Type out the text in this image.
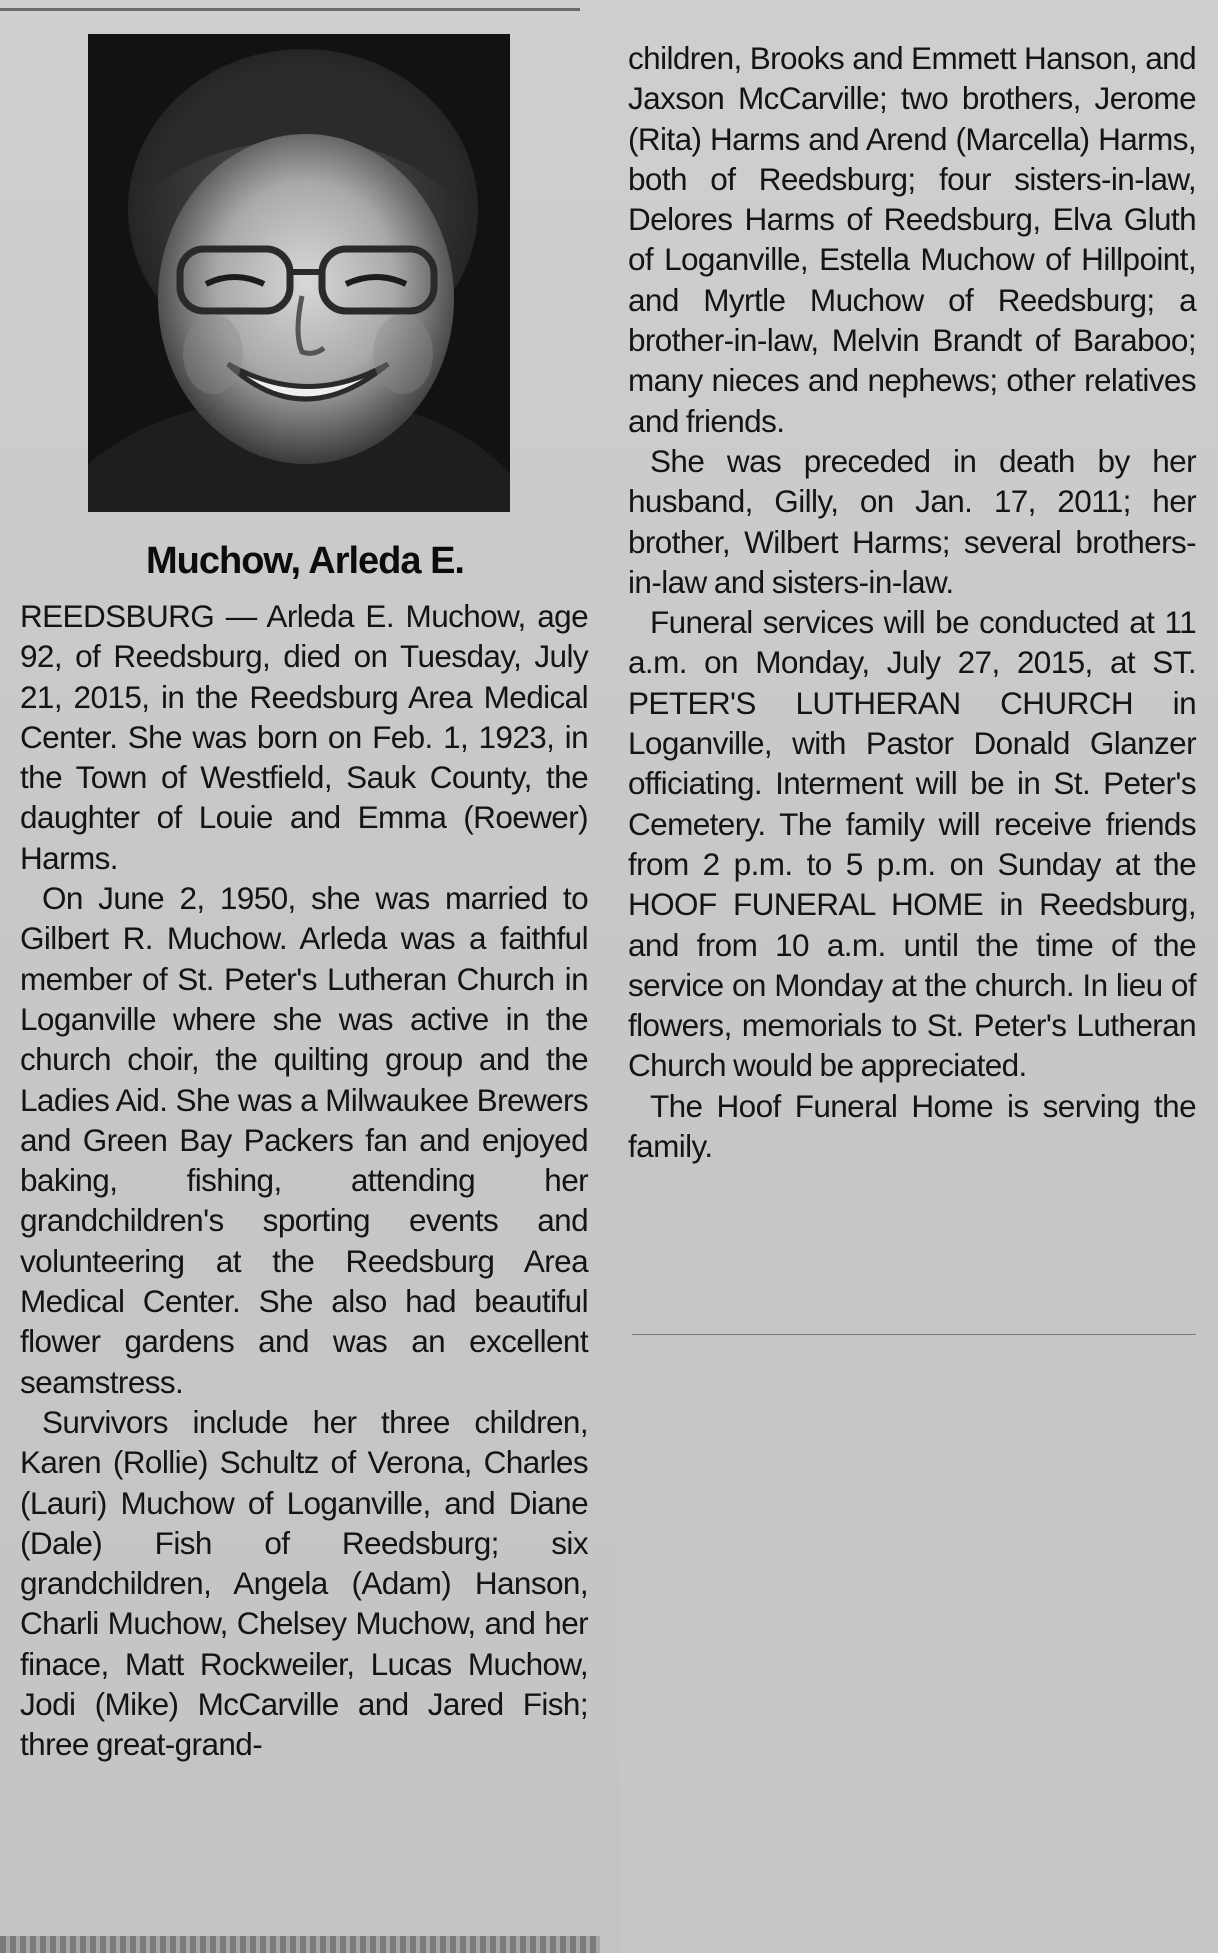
Muchow, Arleda E.

REEDSBURG — Arleda E. Muchow, age 92, of Reedsburg, died on Tuesday, July 21, 2015, in the Reedsburg Area Medical Center. She was born on Feb. 1, 1923, in the Town of Westfield, Sauk County, the daughter of Louie and Emma (Roewer) Harms.

On June 2, 1950, she was married to Gilbert R. Muchow. Arleda was a faithful member of St. Peter's Lutheran Church in Loganville where she was active in the church choir, the quilting group and the Ladies Aid. She was a Milwaukee Brewers and Green Bay Packers fan and enjoyed baking, fishing, attending her grandchildren's sporting events and volunteering at the Reedsburg Area Medical Center. She also had beautiful flower gardens and was an excellent seamstress.

Survivors include her three children, Karen (Rollie) Schultz of Verona, Charles (Lauri) Muchow of Loganville, and Diane (Dale) Fish of Reedsburg; six grandchildren, Angela (Adam) Hanson, Charli Muchow, Chelsey Muchow, and her finace, Matt Rockweiler, Lucas Muchow, Jodi (Mike) McCarville and Jared Fish; three great-grand-

children, Brooks and Emmett Hanson, and Jaxson McCarville; two brothers, Jerome (Rita) Harms and Arend (Marcella) Harms, both of Reedsburg; four sisters-in-law, Delores Harms of Reedsburg, Elva Gluth of Loganville, Estella Muchow of Hillpoint, and Myrtle Muchow of Reedsburg; a brother-in-law, Melvin Brandt of Baraboo; many nieces and nephews; other relatives and friends.

She was preceded in death by her husband, Gilly, on Jan. 17, 2011; her brother, Wilbert Harms; several brothers-in-law and sisters-in-law.

Funeral services will be conducted at 11 a.m. on Monday, July 27, 2015, at ST. PETER'S LUTHERAN CHURCH in Loganville, with Pastor Donald Glanzer officiating. Interment will be in St. Peter's Cemetery. The family will receive friends from 2 p.m. to 5 p.m. on Sunday at the HOOF FUNERAL HOME in Reedsburg, and from 10 a.m. until the time of the service on Monday at the church. In lieu of flowers, memorials to St. Peter's Lutheran Church would be appreciated.

The Hoof Funeral Home is serving the family.
